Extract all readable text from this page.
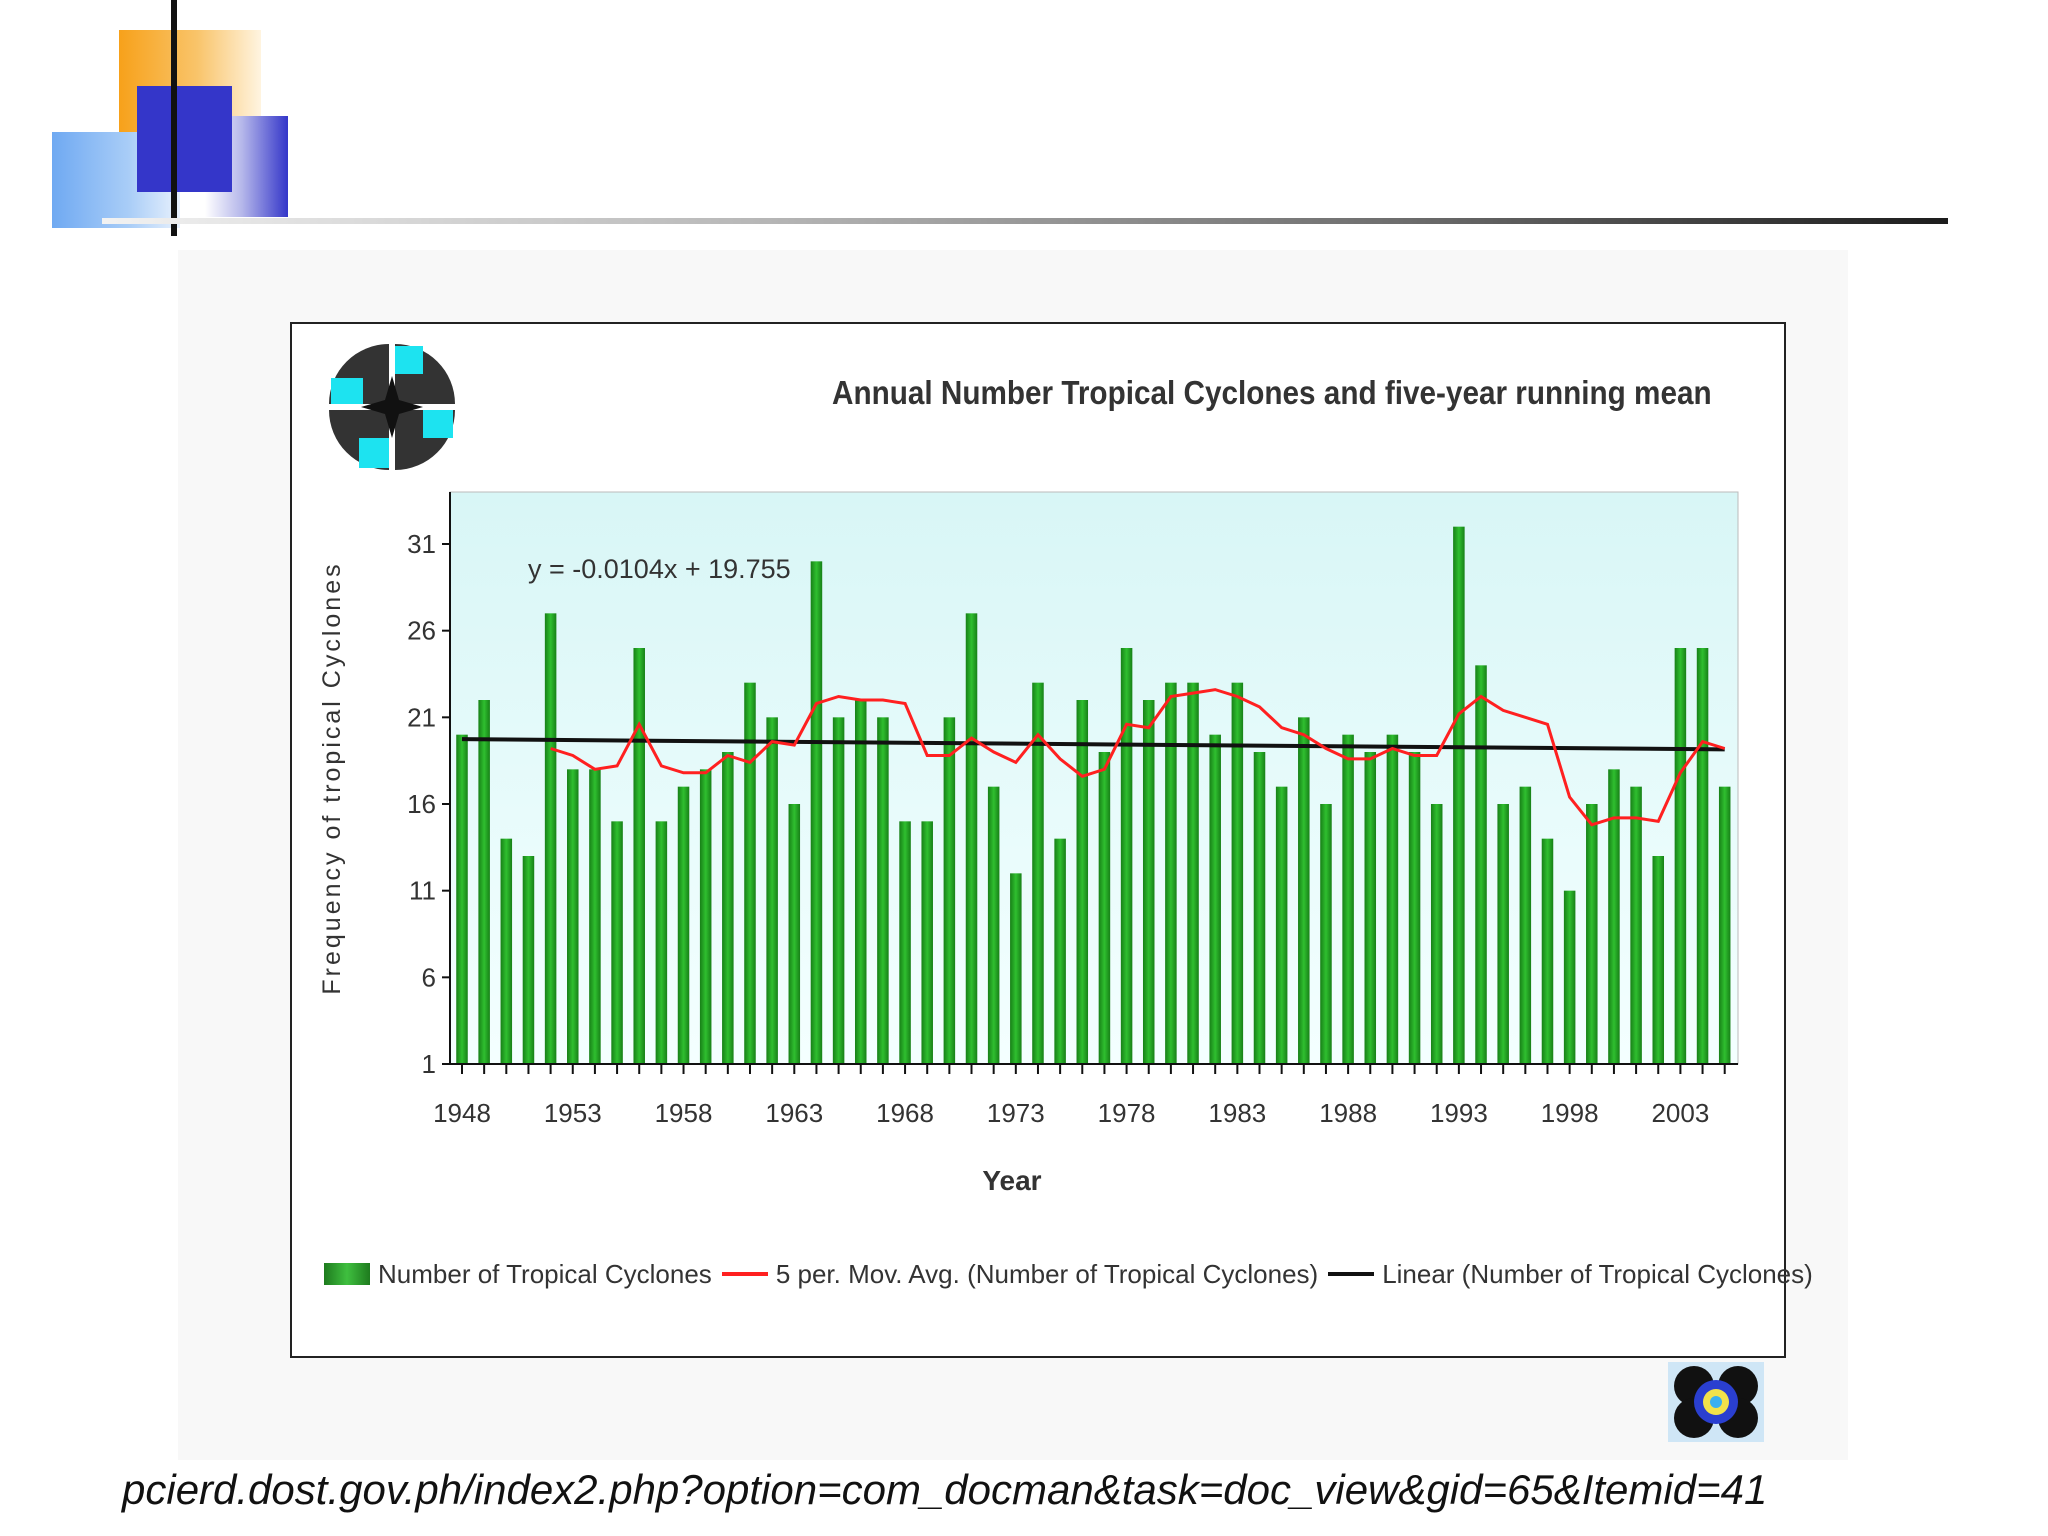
Annual Number Tropical Cyclones and five-year running mean
1
6
11
16
21
26
31
1948 1953 1958 1963 1968 1973 1978 1983 1988 1993 1998 2003
y = -0.0104x + 19.755
Year
Frequency of tropical Cyclones
Number of Tropical Cyclones 5 per. Mov. Avg. (Number of Tropical Cyclones) Linear (Number of Tropical Cyclones)
pcierd.dost.gov.ph/index2.php?option=com_docman&task=doc_view&gid=65&Itemid=41
